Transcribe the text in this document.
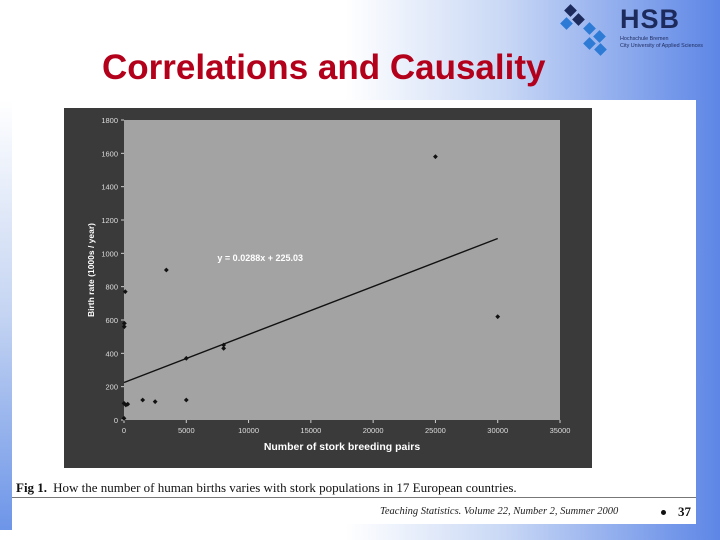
Correlations and Causality
HSB
Hochschule Bremen
City University of Applied Sciences
0
200
400
600
800
1000
1200
1400
1600
1800
0	5000	10000	15000	20000	25000	30000	35000
Number of stork breeding pairs
Birth rate (1000s / year)	y = 0.0288x + 225.03
Fig 1. How the number of human births varies with stork populations in 17 European countries.
Teaching Statistics. Volume 22, Number 2, Summer 2000	37
